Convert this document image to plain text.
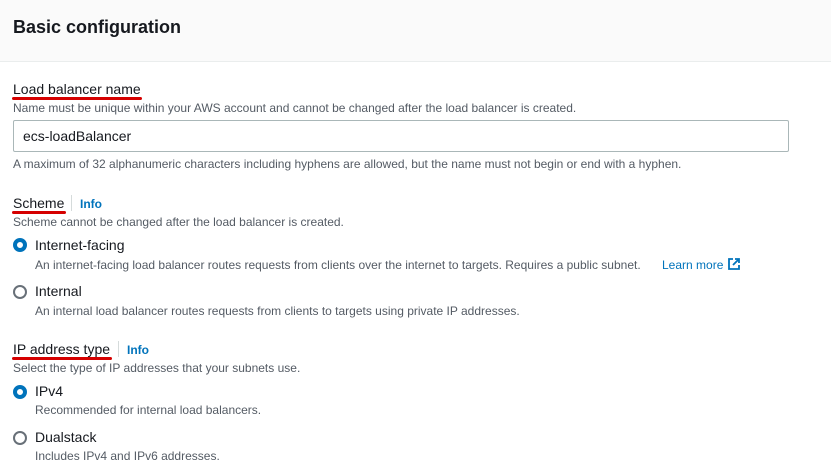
Basic configuration
Load balancer name
Name must be unique within your AWS account and cannot be changed after the load balancer is created.
ecs-loadBalancer
A maximum of 32 alphanumeric characters including hyphens are allowed, but the name must not begin or end with a hyphen.
Scheme Info
Scheme cannot be changed after the load balancer is created.
Internet-facing
An internet-facing load balancer routes requests from clients over the internet to targets. Requires a public subnet. Learn more
Internal
An internal load balancer routes requests from clients to targets using private IP addresses.
IP address type Info
Select the type of IP addresses that your subnets use.
IPv4
Recommended for internal load balancers.
Dualstack
Includes IPv4 and IPv6 addresses.
